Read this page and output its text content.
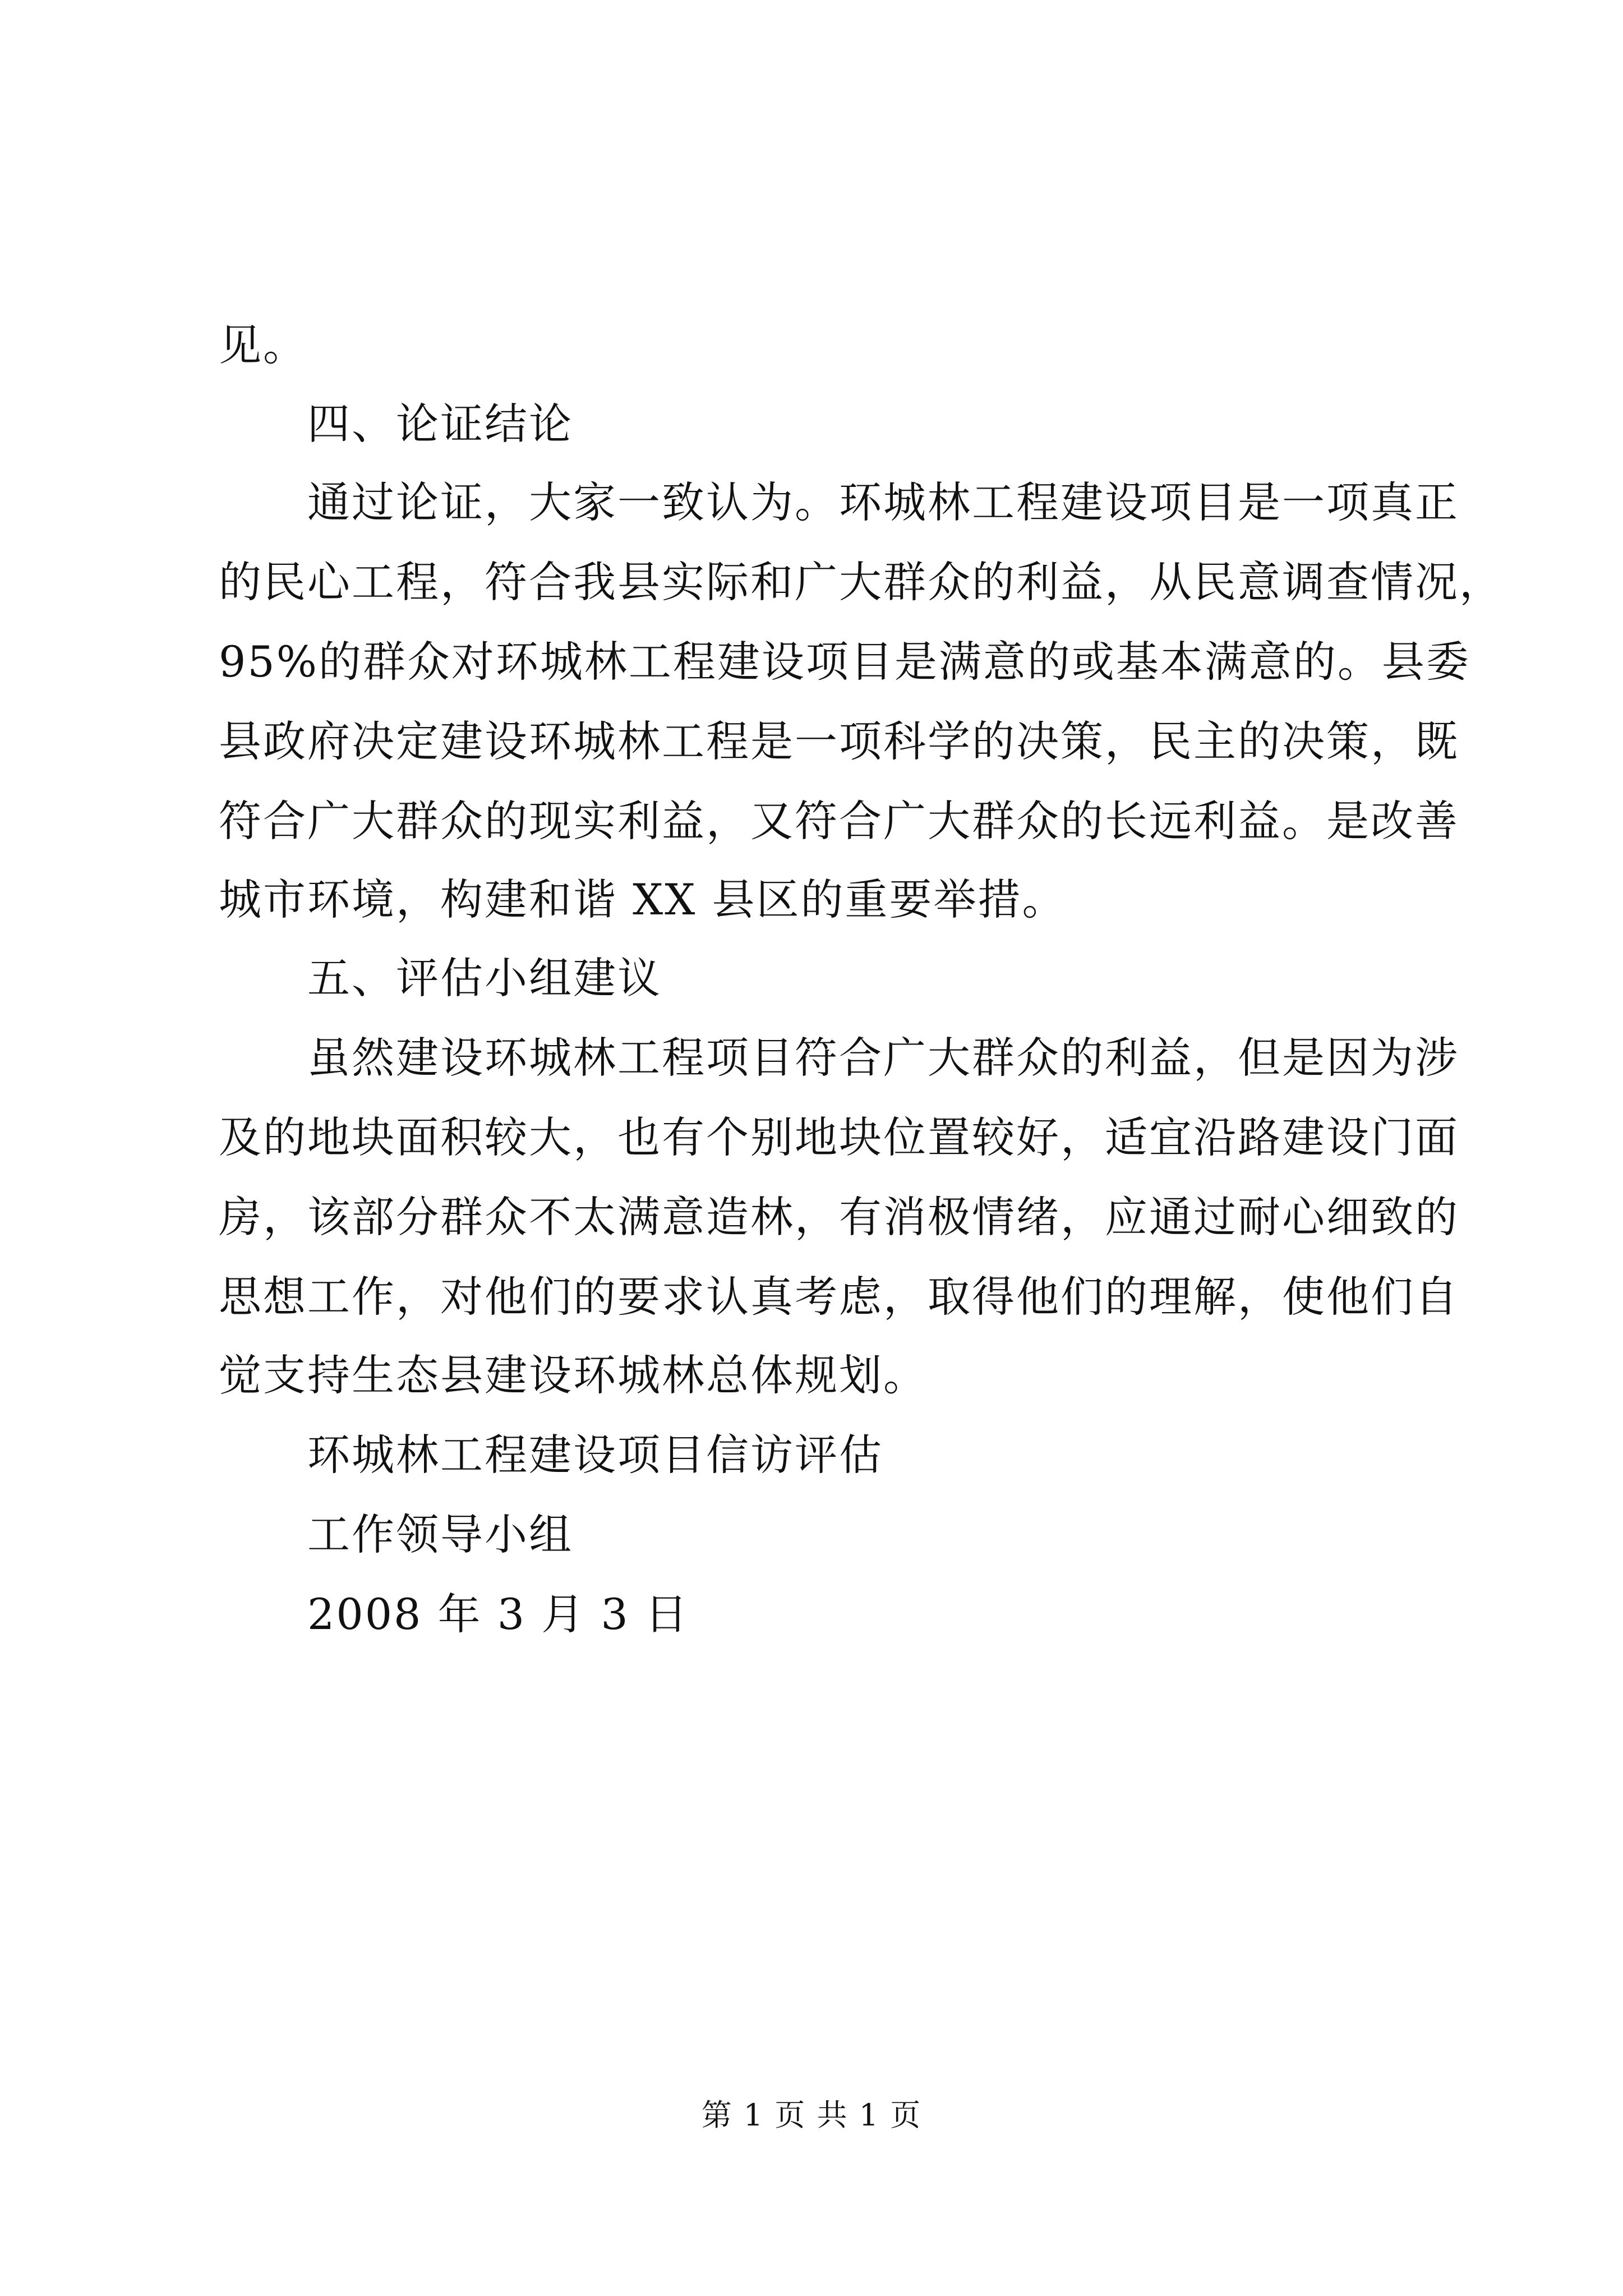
见。
四、论证结论
通过论证，大家一致认为。环城林工程建设项目是一项真正
的民心工程，符合我县实际和广大群众的利益，从民意调查情况，
95%的群众对环城林工程建设项目是满意的或基本满意的。县委
县政府决定建设环城林工程是一项科学的决策，民主的决策，既
符合广大群众的现实利益，又符合广大群众的长远利益。是改善
城市环境，构建和谐 XX 县区的重要举措。
五、评估小组建议
虽然建设环城林工程项目符合广大群众的利益，但是因为涉
及的地块面积较大，也有个别地块位置较好，适宜沿路建设门面
房，该部分群众不太满意造林，有消极情绪，应通过耐心细致的
思想工作，对他们的要求认真考虑，取得他们的理解，使他们自
觉支持生态县建设环城林总体规划。
环城林工程建设项目信访评估
工作领导小组
2008 年 3 月 3 日
第 1 页 共 1 页
